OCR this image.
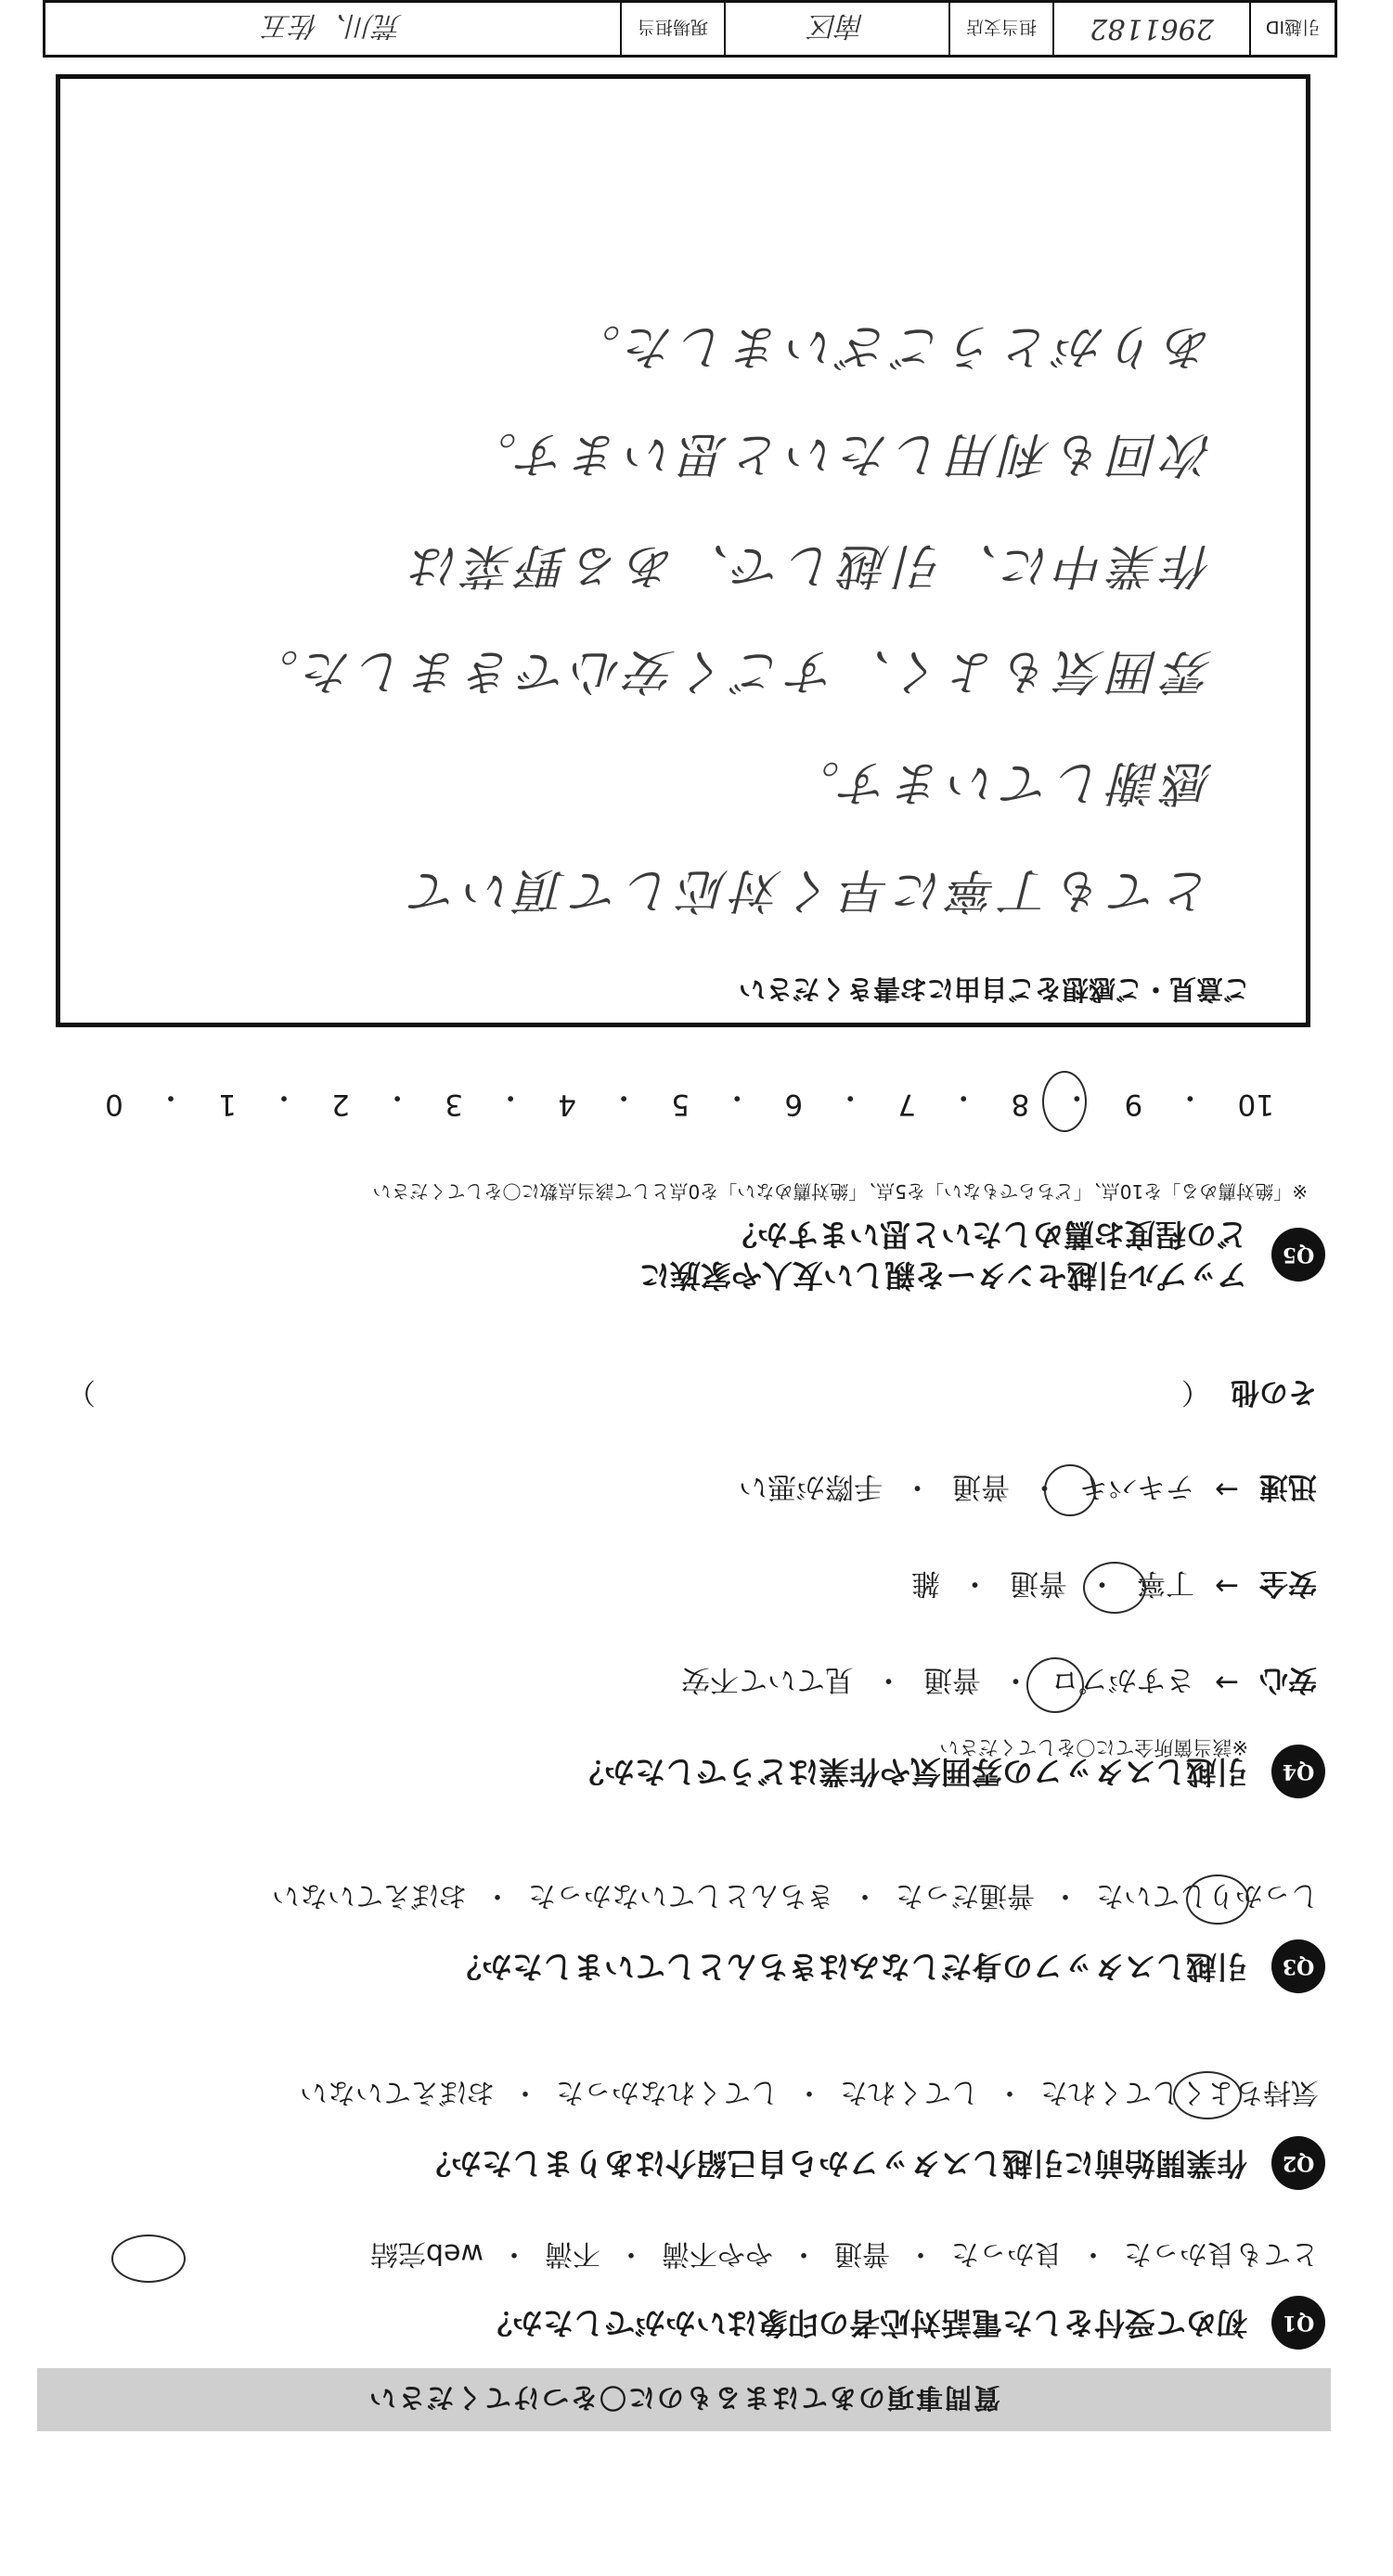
質問事項のあてはまるものに〇をつけてください
Q1
初めて受付をした電話対応者の印象はいかがでしたか？
とても良かった
・
良かった
・
普通
・
やや不満
・
不満
・
web完結
Q2
作業開始前に引越しスタッフから自己紹介はありましたか？
気持ちよくしてくれた
・
してくれた
・
してくれなかった
・
おぼえていない
Q3
引越しスタッフの身だしなみはきちんとしていましたか？
しっかりしていた
・
普通だった
・
きちんとしていなかった
・
おぼえていない
Q4
引越しスタッフの雰囲気や作業はどうでしたか？
※該当箇所全てに〇をしてください
安心
→
さすがプロ
・
普通
・
見ていて不安
安全
→
丁寧
・
普通
・
雑
迅速
→
テキパキ
・
普通
・
手際が悪い
その他
（
）
Q5
アップル引越センターを親しい友人や家族に
どの程度お薦めしたいと思いますか？
※「絶対薦める」を10点、「どちらでもない」を5点、「絶対薦めない」を0点として該当点数に〇をしてください
10
・
9
・
8
・
7
・
6
・
5
・
4
・
3
・
2
・
1
・
0
ご意見・ご感想をご自由にお書きください
とても丁寧に早く対応して頂いて
感謝しています。
雰囲気もよく、すごく安心できました。
作業中に、引越しで、ある野菜は
次回も利用したいと思います。
ありがとうございました。
引越ID
2961182
担当支店
南区
現場担当
荒川、佐五
